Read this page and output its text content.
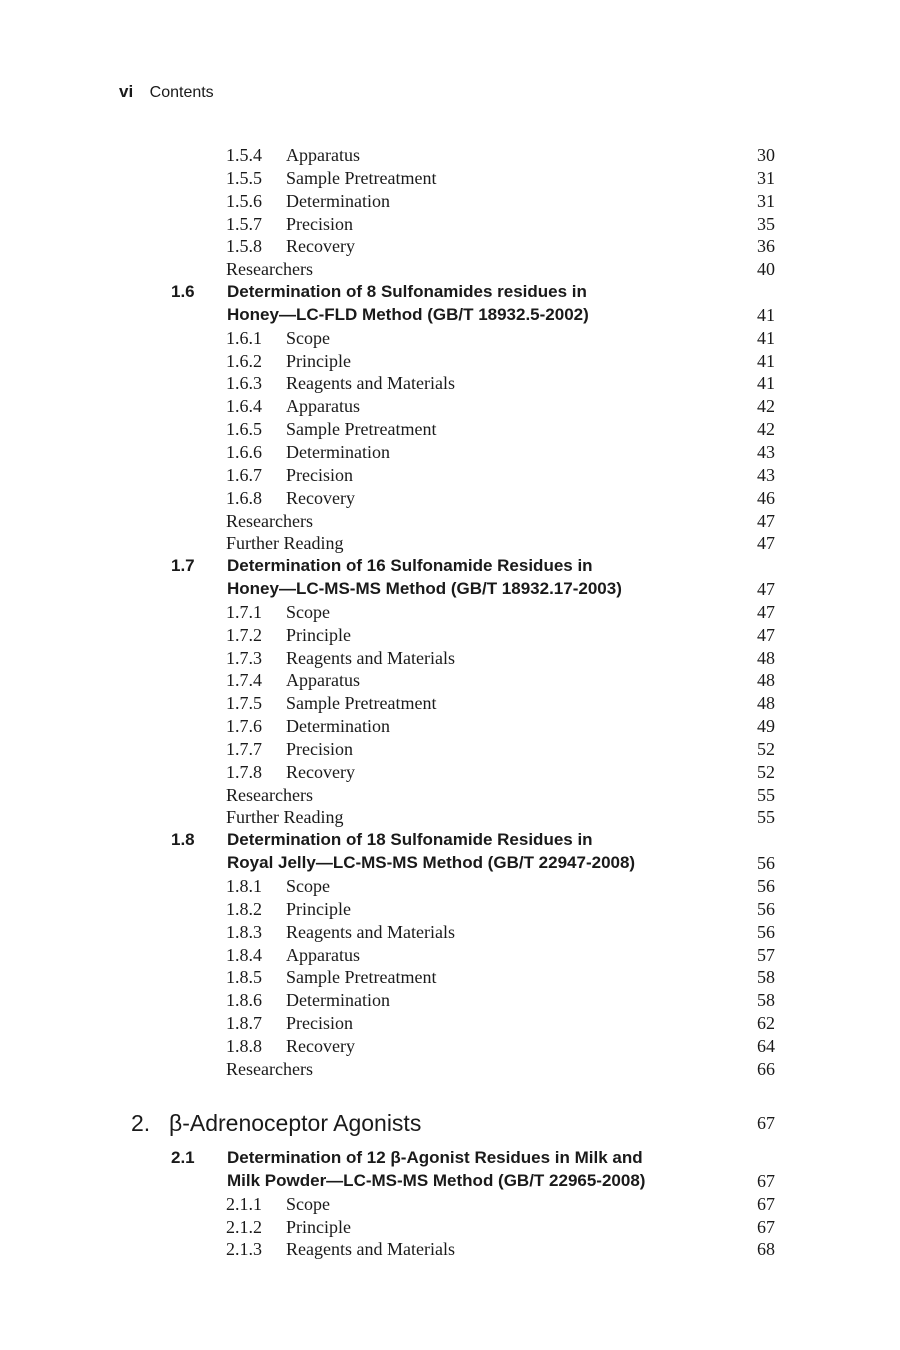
vi Contents
1.5.4 Apparatus	30
1.5.5 Sample Pretreatment	31
1.5.6 Determination	31
1.5.7 Precision	35
1.5.8 Recovery	36
Researchers	40
1.6 Determination of 8 Sulfonamides residues in
Honey—LC-FLD Method (GB/T 18932.5-2002)	41
1.6.1 Scope	41
1.6.2 Principle	41
1.6.3 Reagents and Materials	41
1.6.4 Apparatus	42
1.6.5 Sample Pretreatment	42
1.6.6 Determination	43
1.6.7 Precision	43
1.6.8 Recovery	46
Researchers	47
Further Reading	47
1.7 Determination of 16 Sulfonamide Residues in
Honey—LC-MS-MS Method (GB/T 18932.17-2003)	47
1.7.1 Scope	47
1.7.2 Principle	47
1.7.3 Reagents and Materials	48
1.7.4 Apparatus	48
1.7.5 Sample Pretreatment	48
1.7.6 Determination	49
1.7.7 Precision	52
1.7.8 Recovery	52
Researchers	55
Further Reading	55
1.8 Determination of 18 Sulfonamide Residues in
Royal Jelly—LC-MS-MS Method (GB/T 22947-2008)	56
1.8.1 Scope	56
1.8.2 Principle	56
1.8.3 Reagents and Materials	56
1.8.4 Apparatus	57
1.8.5 Sample Pretreatment	58
1.8.6 Determination	58
1.8.7 Precision	62
1.8.8 Recovery	64
Researchers	66
2. β-Adrenoceptor Agonists	67
2.1 Determination of 12 β-Agonist Residues in Milk and
Milk Powder—LC-MS-MS Method (GB/T 22965-2008)	67
2.1.1 Scope	67
2.1.2 Principle	67
2.1.3 Reagents and Materials	68
